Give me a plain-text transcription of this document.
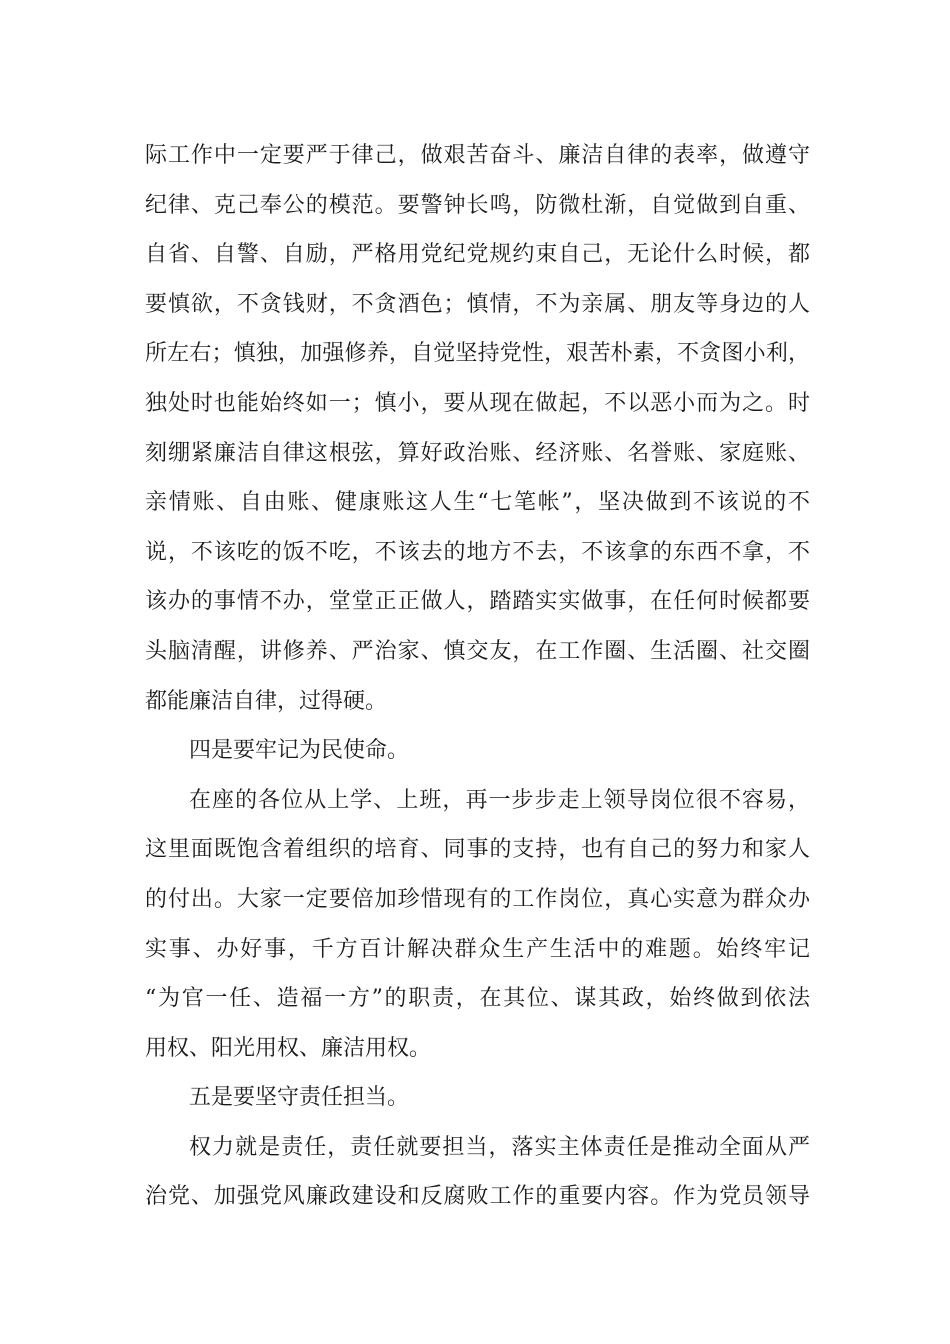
际工作中一定要严于律己，做艰苦奋斗、廉洁自律的表率，做遵守
纪律、克己奉公的模范。要警钟长鸣，防微杜渐，自觉做到自重、
自省、自警、自励，严格用党纪党规约束自己，无论什么时候，都
要慎欲，不贪钱财，不贪酒色；慎情，不为亲属、朋友等身边的人
所左右；慎独，加强修养，自觉坚持党性，艰苦朴素，不贪图小利，
独处时也能始终如一；慎小，要从现在做起，不以恶小而为之。时
刻绷紧廉洁自律这根弦，算好政治账、经济账、名誉账、家庭账、
亲情账、自由账、健康账这人生“七笔帐”，坚决做到不该说的不
说，不该吃的饭不吃，不该去的地方不去，不该拿的东西不拿，不
该办的事情不办，堂堂正正做人，踏踏实实做事，在任何时候都要
头脑清醒，讲修养、严治家、慎交友，在工作圈、生活圈、社交圈
都能廉洁自律，过得硬。
四是要牢记为民使命。
在座的各位从上学、上班，再一步步走上领导岗位很不容易，
这里面既饱含着组织的培育、同事的支持，也有自己的努力和家人
的付出。大家一定要倍加珍惜现有的工作岗位，真心实意为群众办
实事、办好事，千方百计解决群众生产生活中的难题。始终牢记
“为官一任、造福一方”的职责，在其位、谋其政，始终做到依法
用权、阳光用权、廉洁用权。
五是要坚守责任担当。
权力就是责任，责任就要担当，落实主体责任是推动全面从严
治党、加强党风廉政建设和反腐败工作的重要内容。作为党员领导
